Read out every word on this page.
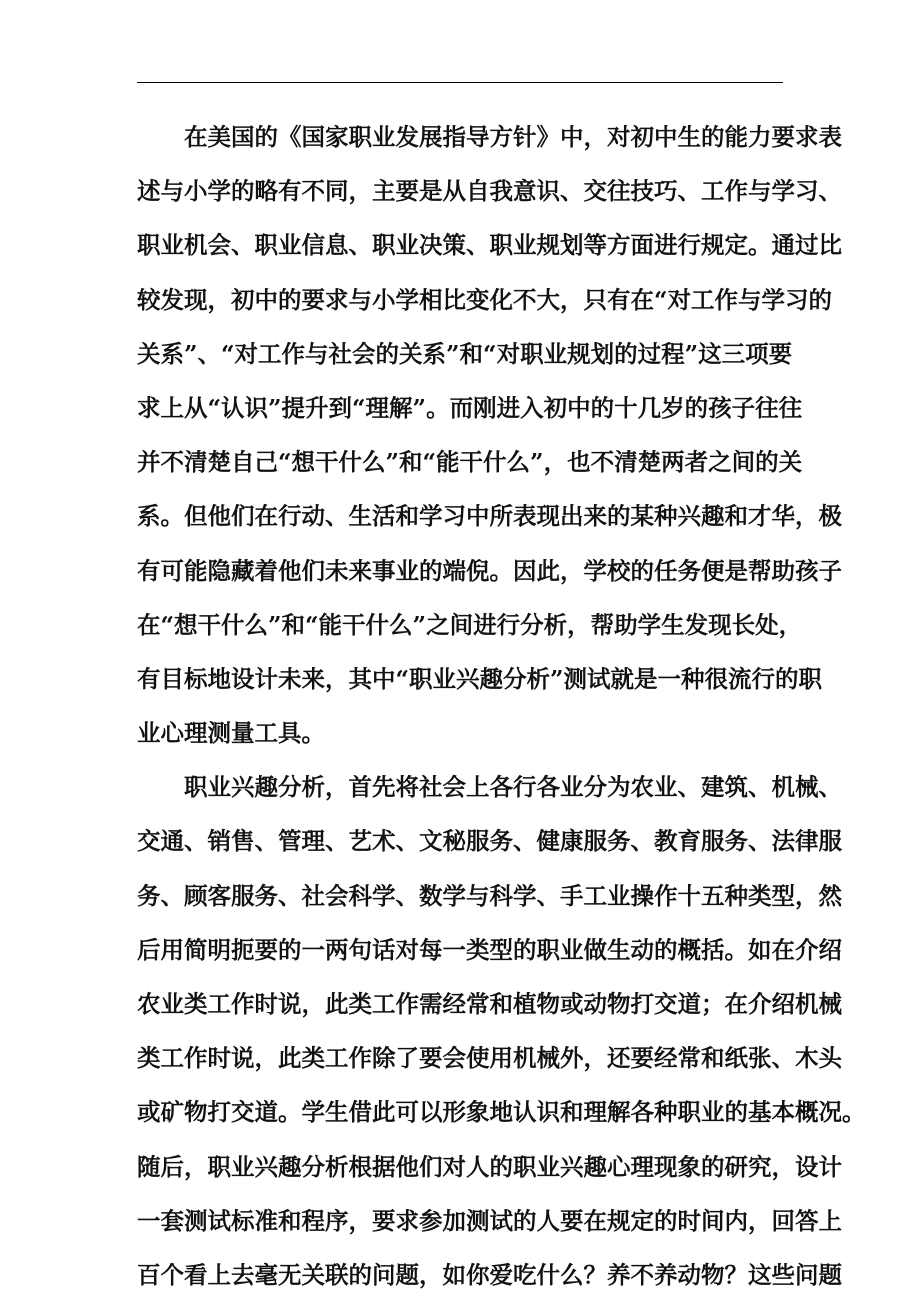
在美国的《国家职业发展指导方针》中，对初中生的能力要求表
述与小学的略有不同，主要是从自我意识、交往技巧、工作与学习、
职业机会、职业信息、职业决策、职业规划等方面进行规定。通过比
较发现，初中的要求与小学相比变化不大，只有在“对工作与学习的
关系”、“对工作与社会的关系”和“对职业规划的过程”这三项要
求上从“认识”提升到“理解”。而刚进入初中的十几岁的孩子往往
并不清楚自己“想干什么”和“能干什么”，也不清楚两者之间的关
系。但他们在行动、生活和学习中所表现出来的某种兴趣和才华，极
有可能隐藏着他们未来事业的端倪。因此，学校的任务便是帮助孩子
在“想干什么”和“能干什么”之间进行分析，帮助学生发现长处，
有目标地设计未来，其中“职业兴趣分析”测试就是一种很流行的职
业心理测量工具。
职业兴趣分析，首先将社会上各行各业分为农业、建筑、机械、
交通、销售、管理、艺术、文秘服务、健康服务、教育服务、法律服
务、顾客服务、社会科学、数学与科学、手工业操作十五种类型，然
后用简明扼要的一两句话对每一类型的职业做生动的概括。如在介绍
农业类工作时说，此类工作需经常和植物或动物打交道；在介绍机械
类工作时说，此类工作除了要会使用机械外，还要经常和纸张、木头
或矿物打交道。学生借此可以形象地认识和理解各种职业的基本概况。
随后，职业兴趣分析根据他们对人的职业兴趣心理现象的研究，设计
一套测试标准和程序，要求参加测试的人要在规定的时间内，回答上
百个看上去毫无关联的问题，如你爱吃什么？养不养动物？这些问题
